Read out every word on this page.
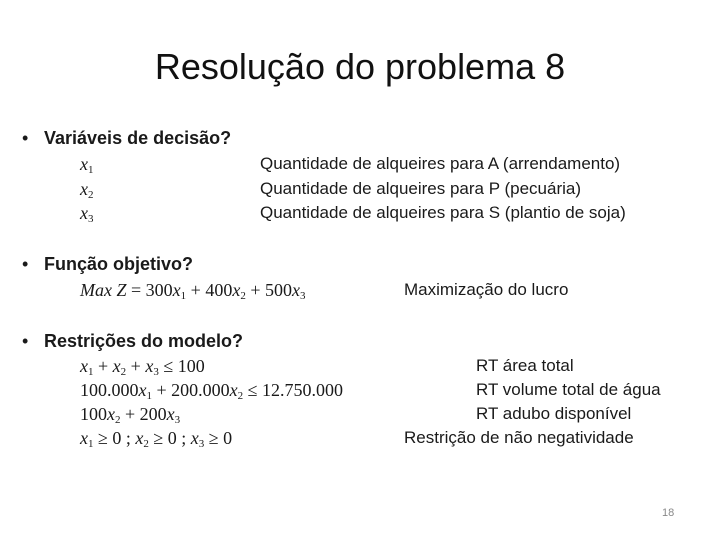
Resolução do problema 8
• Variáveis de decisão?
$x_1$	Quantidade de alqueires para A (arrendamento)
$x_2$	Quantidade de alqueires para P (pecuária)
$x_3$	Quantidade de alqueires para S (plantio de soja)
• Função objetivo?
Max $Z = 300x_1 + 400x_2 + 500x_3$	Maximização do lucro
• Restrições do modelo?
$x_1 + x_2 + x_3 \le 100$	RT área total
$100.000x_1 + 200.000x_2 \le 12.750.000$	RT volume total de água
$100x_2 + 200x_3$	RT adubo disponível
$x_1 \ge 0$ ; $x_2 \ge 0$ ; $x_3 \ge 0$	Restrição de não negatividade
18
